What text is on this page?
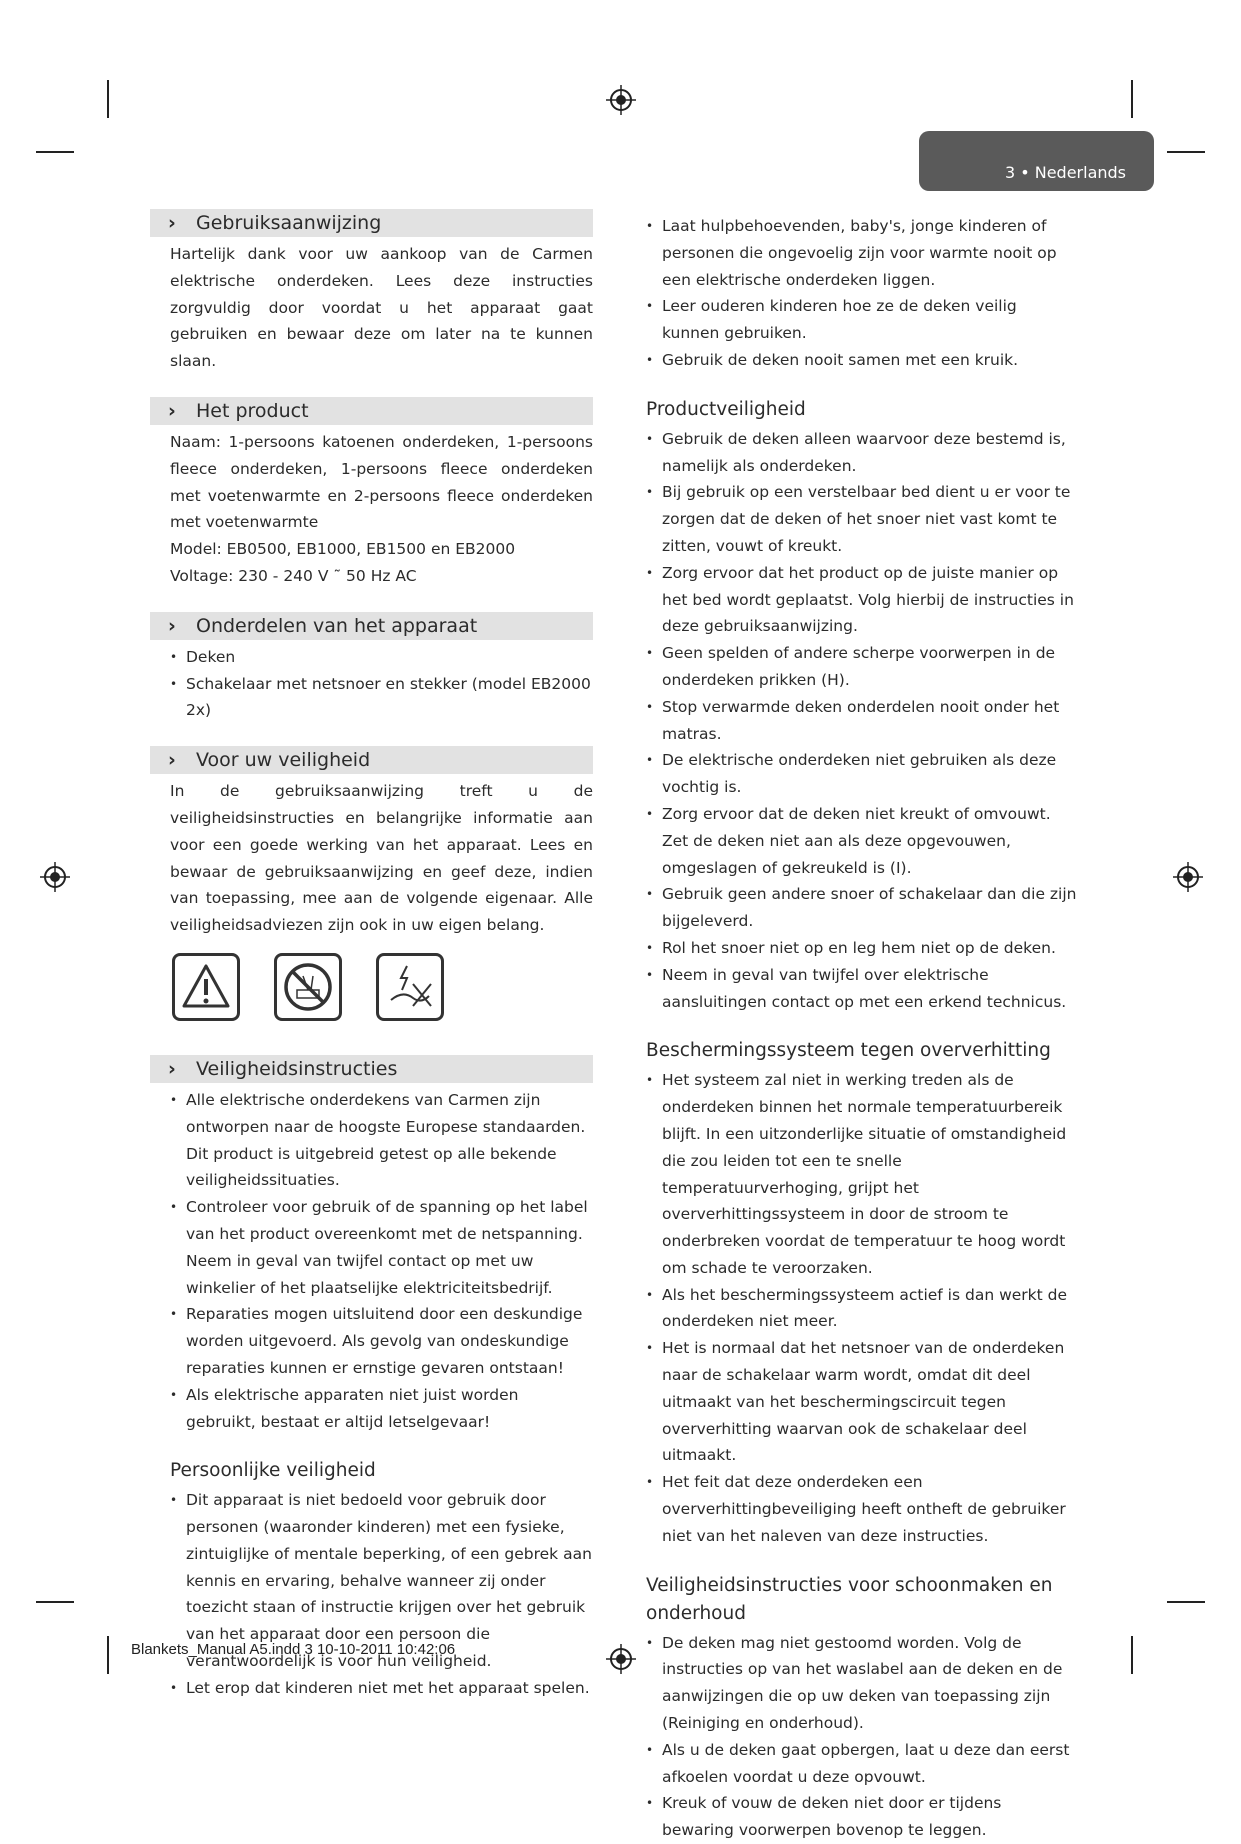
3 • Nederlands
› Gebruiksaanwijzing

Hartelijk dank voor uw aankoop van de Carmen elektrische onderdeken. Lees deze instructies zorgvuldig door voordat u het apparaat gaat gebruiken en bewaar deze om later na te kunnen slaan.

› Het product

Naam: 1-persoons katoenen onderdeken, 1-persoons fleece onderdeken, 1-persoons fleece onderdeken met voetenwarmte en 2-persoons fleece onderdeken met voetenwarmte

Model: EB0500, EB1000, EB1500 en EB2000

Voltage: 230 - 240 V ˜ 50 Hz AC

› Onderdelen van het apparaat
• Deken
• Schakelaar met netsnoer en stekker (model EB2000 2x)
› Voor uw veiligheid

In de gebruiksaanwijzing treft u de veiligheidsinstructies en belangrijke informatie aan voor een goede werking van het apparaat. Lees en bewaar de gebruiksaanwijzing en geef deze, indien van toepassing, mee aan de volgende eigenaar. Alle veiligheidsadviezen zijn ook in uw eigen belang.

› Veiligheidsinstructies
• Alle elektrische onderdekens van Carmen zijn ontworpen naar de hoogste Europese standaarden. Dit product is uitgebreid getest op alle bekende veiligheidssituaties.
• Controleer voor gebruik of de spanning op het label van het product overeenkomt met de netspanning. Neem in geval van twijfel contact op met uw winkelier of het plaatselijke elektriciteitsbedrijf.
• Reparaties mogen uitsluitend door een deskundige worden uitgevoerd. Als gevolg van ondeskundige reparaties kunnen er ernstige gevaren ontstaan!
• Als elektrische apparaten niet juist worden gebruikt, bestaat er altijd letselgevaar!
Persoonlijke veiligheid
• Dit apparaat is niet bedoeld voor gebruik door personen (waaronder kinderen) met een fysieke, zintuiglijke of mentale beperking, of een gebrek aan kennis en ervaring, behalve wanneer zij onder toezicht staan of instructie krijgen over het gebruik van het apparaat door een persoon die verantwoordelijk is voor hun veiligheid.
• Let erop dat kinderen niet met het apparaat spelen.
• Laat hulpbehoevenden, baby's, jonge kinderen of personen die ongevoelig zijn voor warmte nooit op een elektrische onderdeken liggen.
• Leer ouderen kinderen hoe ze de deken veilig kunnen gebruiken.
• Gebruik de deken nooit samen met een kruik.
Productveiligheid
• Gebruik de deken alleen waarvoor deze bestemd is, namelijk als onderdeken.
• Bij gebruik op een verstelbaar bed dient u er voor te zorgen dat de deken of het snoer niet vast komt te zitten, vouwt of kreukt.
• Zorg ervoor dat het product op de juiste manier op het bed wordt geplaatst. Volg hierbij de instructies in deze gebruiksaanwijzing.
• Geen spelden of andere scherpe voorwerpen in de onderdeken prikken (H).
• Stop verwarmde deken onderdelen nooit onder het matras.
• De elektrische onderdeken niet gebruiken als deze vochtig is.
• Zorg ervoor dat de deken niet kreukt of omvouwt. Zet de deken niet aan als deze opgevouwen, omgeslagen of gekreukeld is (I).
• Gebruik geen andere snoer of schakelaar dan die zijn bijgeleverd.
• Rol het snoer niet op en leg hem niet op de deken.
• Neem in geval van twijfel over elektrische aansluitingen contact op met een erkend technicus.
Beschermingssysteem tegen oververhitting
• Het systeem zal niet in werking treden als de onderdeken binnen het normale temperatuurbereik blijft. In een uitzonderlijke situatie of omstandigheid die zou leiden tot een te snelle temperatuurverhoging, grijpt het oververhittingssysteem in door de stroom te onderbreken voordat de temperatuur te hoog wordt om schade te veroorzaken.
• Als het beschermingssysteem actief is dan werkt de onderdeken niet meer.
• Het is normaal dat het netsnoer van de onderdeken naar de schakelaar warm wordt, omdat dit deel uitmaakt van het beschermingscircuit tegen oververhitting waarvan ook de schakelaar deel uitmaakt.
• Het feit dat deze onderdeken een oververhittingbeveiliging heeft ontheft de gebruiker niet van het naleven van deze instructies.
Veiligheidsinstructies voor schoonmaken en onderhoud
• De deken mag niet gestoomd worden. Volg de instructies op van het waslabel aan de deken en de aanwijzingen die op uw deken van toepassing zijn (Reiniging en onderhoud).
• Als u de deken gaat opbergen, laat u deze dan eerst afkoelen voordat u deze opvouwt.
• Kreuk of vouw de deken niet door er tijdens bewaring voorwerpen bovenop te leggen.
Blankets_Manual A5.indd 3 10-10-2011 10:42:06
